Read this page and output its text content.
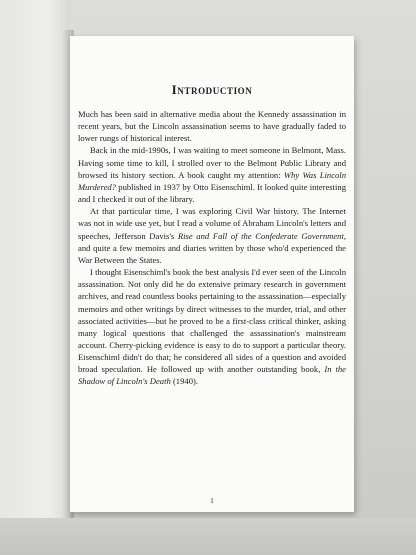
Introduction

Much has been said in alternative media about the Kennedy assassination in recent years, but the Lincoln assassination seems to have gradually faded to lower rungs of historical interest.

Back in the mid-1990s, I was waiting to meet someone in Belmont, Mass. Having some time to kill, I strolled over to the Belmont Public Library and browsed its history section. A book caught my attention: Why Was Lincoln Murdered? published in 1937 by Otto Eisenschiml. It looked quite interesting and I checked it out of the library.

At that particular time, I was exploring Civil War history. The Internet was not in wide use yet, but I read a volume of Abraham Lincoln's letters and speeches, Jefferson Davis's Rise and Fall of the Confederate Government, and quite a few memoirs and diaries written by those who'd experienced the War Between the States.

I thought Eisenschiml's book the best analysis I'd ever seen of the Lincoln assassination. Not only did he do extensive primary research in government archives, and read countless books pertaining to the assassination—especially memoirs and other writings by direct witnesses to the murder, trial, and other associated activities—but he proved to be a first-class critical thinker, asking many logical questions that challenged the assassination's mainstream account. Cherry-picking evidence is easy to do to support a particular theory. Eisenschiml didn't do that; he considered all sides of a question and avoided broad speculation. He followed up with another outstanding book, In the Shadow of Lincoln's Death (1940).

1
